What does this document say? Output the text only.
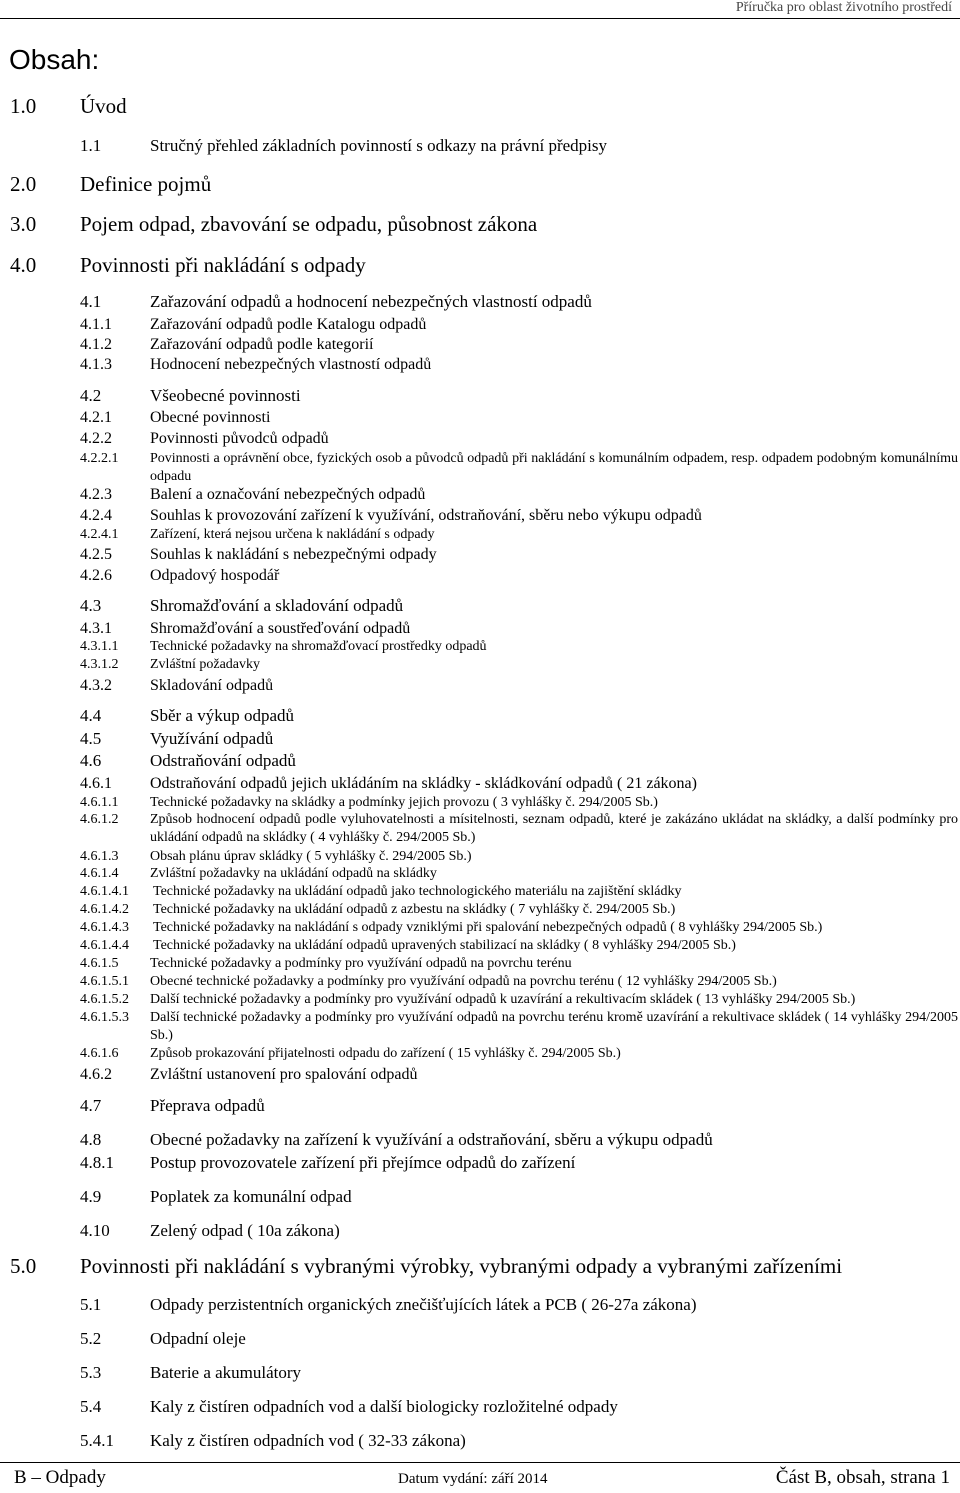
Příručka pro oblast životního prostředí
Obsah:
1.0 Úvod
1.1	Stručný přehled základních povinností s odkazy na právní předpisy
2.0 Definice pojmů
3.0 Pojem odpad, zbavování se odpadu, působnost zákona
4.0 Povinnosti při nakládání s odpady
4.1	Zařazování odpadů a hodnocení nebezpečných vlastností odpadů
4.1.1 Zařazování odpadů podle Katalogu odpadů
4.1.2 Zařazování odpadů podle kategorií
4.1.3 Hodnocení nebezpečných vlastností odpadů
4.2	Všeobecné povinnosti
4.2.1 Obecné povinnosti
4.2.2 Povinnosti původců odpadů
4.2.2.1 Povinnosti a oprávnění obce, fyzických osob a původců odpadů při nakládání s komunálním odpadem, resp. odpadem podobným komunálnímu odpadu
4.2.3 Balení a označování nebezpečných odpadů
4.2.4 Souhlas k provozování zařízení k využívání, odstraňování, sběru nebo výkupu odpadů
4.2.4.1 Zařízení, která nejsou určena k nakládání s odpady
4.2.5 Souhlas k nakládání s nebezpečnými odpady
4.2.6 Odpadový hospodář
4.3	Shromažďování a skladování odpadů
4.3.1 Shromažďování a soustřeďování odpadů
4.3.1.1 Technické požadavky na shromažďovací prostředky odpadů
4.3.1.2 Zvláštní požadavky
4.3.2 Skladování odpadů
4.4	Sběr a výkup odpadů
4.5	Využívání odpadů
4.6	Odstraňování odpadů
4.6.1 Odstraňování odpadů jejich ukládáním na skládky - skládkování odpadů ( 21 zákona)
4.6.1.1 Technické požadavky na skládky a podmínky jejich provozu ( 3 vyhlášky č. 294/2005 Sb.)
4.6.1.2 Způsob hodnocení odpadů podle vyluhovatelnosti a mísitelnosti, seznam odpadů, které je zakázáno ukládat na skládky, a další podmínky pro ukládání odpadů na skládky ( 4 vyhlášky č. 294/2005 Sb.)
4.6.1.3 Obsah plánu úprav skládky ( 5 vyhlášky č. 294/2005 Sb.)
4.6.1.4 Zvláštní požadavky na ukládání odpadů na skládky
4.6.1.4.1 Technické požadavky na ukládání odpadů jako technologického materiálu na zajištění skládky
4.6.1.4.2 Technické požadavky na ukládání odpadů z azbestu na skládky ( 7 vyhlášky č. 294/2005 Sb.)
4.6.1.4.3 Technické požadavky na nakládání s odpady vzniklými při spalování nebezpečných odpadů ( 8 vyhlášky 294/2005 Sb.)
4.6.1.4.4 Technické požadavky na ukládání odpadů upravených stabilizací na skládky ( 8 vyhlášky 294/2005 Sb.)
4.6.1.5 Technické požadavky a podmínky pro využívání odpadů na povrchu terénu
4.6.1.5.1 Obecné technické požadavky a podmínky pro využívání odpadů na povrchu terénu ( 12 vyhlášky 294/2005 Sb.)
4.6.1.5.2 Další technické požadavky a podmínky pro využívání odpadů k uzavírání a rekultivacím skládek ( 13 vyhlášky 294/2005 Sb.)
4.6.1.5.3 Další technické požadavky a podmínky pro využívání odpadů na povrchu terénu kromě uzavírání a rekultivace skládek ( 14 vyhlášky 294/2005 Sb.)
4.6.1.6 Způsob prokazování přijatelnosti odpadu do zařízení ( 15 vyhlášky č. 294/2005 Sb.)
4.6.2 Zvláštní ustanovení pro spalování odpadů
4.7	Přeprava odpadů
4.8	Obecné požadavky na zařízení k využívání a odstraňování, sběru a výkupu odpadů
4.8.1 Postup provozovatele zařízení při přejímce odpadů do zařízení
4.9	Poplatek za komunální odpad
4.10 Zelený odpad ( 10a zákona)
5.0 Povinnosti při nakládání s vybranými výrobky, vybranými odpady a vybranými zařízeními
5.1	Odpady perzistentních organických znečišťujících látek a PCB ( 26-27a zákona)
5.2	Odpadní oleje
5.3	Baterie a akumulátory
5.4	Kaly z čistíren odpadních vod a další biologicky rozložitelné odpady
5.4.1 Kaly z čistíren odpadních vod ( 32-33 zákona)
B – Odpady	Datum vydání: září 2014	Část B, obsah, strana 1
